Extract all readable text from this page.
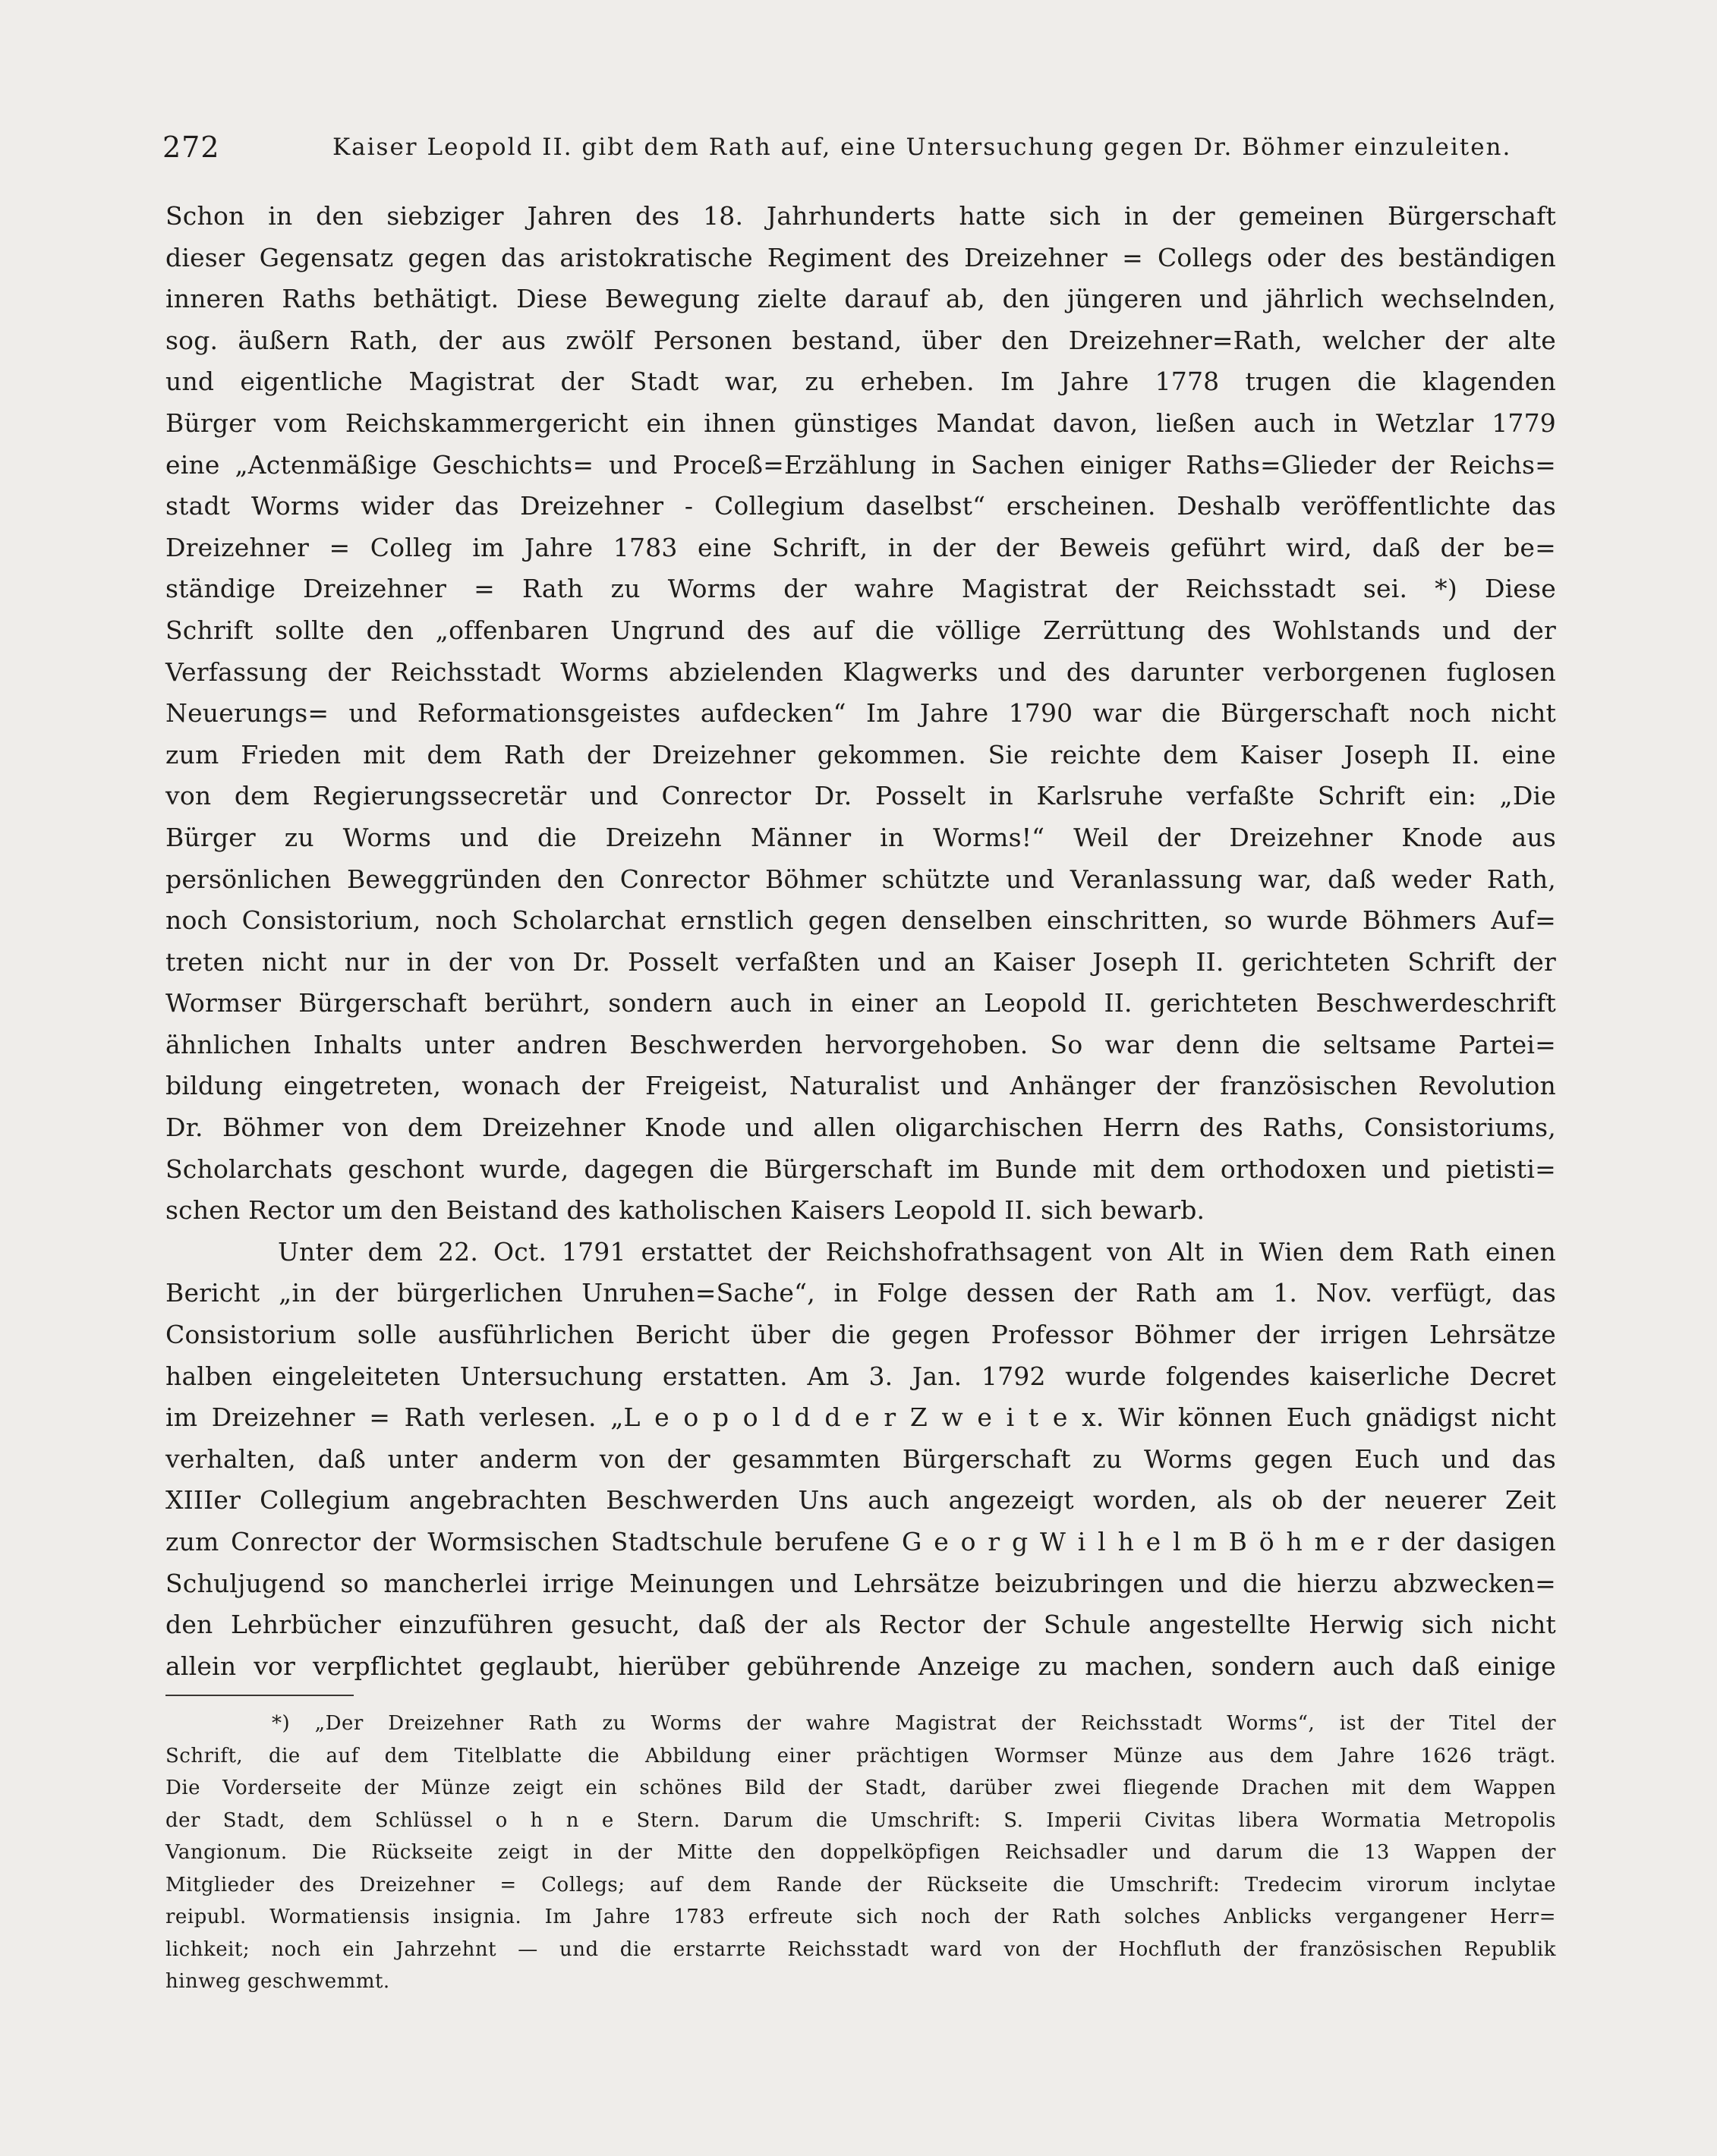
272	Kaiser Leopold II. gibt dem Rath auf, eine Untersuchung gegen Dr. Böhmer einzuleiten.
Schon in den siebziger Jahren des 18. Jahrhunderts hatte sich in der gemeinen Bürgerschaft
dieser Gegensatz gegen das aristokratische Regiment des Dreizehner = Collegs oder des beständigen
inneren Raths bethätigt. Diese Bewegung zielte darauf ab, den jüngeren und jährlich wechselnden,
sog. äußern Rath, der aus zwölf Personen bestand, über den Dreizehner=Rath, welcher der alte
und eigentliche Magistrat der Stadt war, zu erheben. Im Jahre 1778 trugen die klagenden
Bürger vom Reichskammergericht ein ihnen günstiges Mandat davon, ließen auch in Wetzlar 1779
eine „Actenmäßige Geschichts= und Proceß=Erzählung in Sachen einiger Raths=Glieder der Reichs=
stadt Worms wider das Dreizehner - Collegium daselbst“ erscheinen. Deshalb veröffentlichte das
Dreizehner = Colleg im Jahre 1783 eine Schrift, in der der Beweis geführt wird, daß der be=
ständige Dreizehner = Rath zu Worms der wahre Magistrat der Reichsstadt sei. *) Diese
Schrift sollte den „offenbaren Ungrund des auf die völlige Zerrüttung des Wohlstands und der
Verfassung der Reichsstadt Worms abzielenden Klagwerks und des darunter verborgenen fuglosen
Neuerungs= und Reformationsgeistes aufdecken“ Im Jahre 1790 war die Bürgerschaft noch nicht
zum Frieden mit dem Rath der Dreizehner gekommen. Sie reichte dem Kaiser Joseph II. eine
von dem Regierungssecretär und Conrector Dr. Posselt in Karlsruhe verfaßte Schrift ein: „Die
Bürger zu Worms und die Dreizehn Männer in Worms!“ Weil der Dreizehner Knode aus
persönlichen Beweggründen den Conrector Böhmer schützte und Veranlassung war, daß weder Rath,
noch Consistorium, noch Scholarchat ernstlich gegen denselben einschritten, so wurde Böhmers Auf=
treten nicht nur in der von Dr. Posselt verfaßten und an Kaiser Joseph II. gerichteten Schrift der
Wormser Bürgerschaft berührt, sondern auch in einer an Leopold II. gerichteten Beschwerdeschrift
ähnlichen Inhalts unter andren Beschwerden hervorgehoben. So war denn die seltsame Partei=
bildung eingetreten, wonach der Freigeist, Naturalist und Anhänger der französischen Revolution
Dr. Böhmer von dem Dreizehner Knode und allen oligarchischen Herrn des Raths, Consistoriums,
Scholarchats geschont wurde, dagegen die Bürgerschaft im Bunde mit dem orthodoxen und pietisti=
schen Rector um den Beistand des katholischen Kaisers Leopold II. sich bewarb.
Unter dem 22. Oct. 1791 erstattet der Reichshofrathsagent von Alt in Wien dem Rath einen
Bericht „in der bürgerlichen Unruhen=Sache“, in Folge dessen der Rath am 1. Nov. verfügt, das
Consistorium solle ausführlichen Bericht über die gegen Professor Böhmer der irrigen Lehrsätze
halben eingeleiteten Untersuchung erstatten. Am 3. Jan. 1792 wurde folgendes kaiserliche Decret
im Dreizehner = Rath verlesen. „L e o p o l d d e r Z w e i t e x. Wir können Euch gnädigst nicht
verhalten, daß unter anderm von der gesammten Bürgerschaft zu Worms gegen Euch und das
XIIIer Collegium angebrachten Beschwerden Uns auch angezeigt worden, als ob der neuerer Zeit
zum Conrector der Wormsischen Stadtschule berufene G e o r g W i l h e l m B ö h m e r der dasigen
Schuljugend so mancherlei irrige Meinungen und Lehrsätze beizubringen und die hierzu abzwecken=
den Lehrbücher einzuführen gesucht, daß der als Rector der Schule angestellte Herwig sich nicht
allein vor verpflichtet geglaubt, hierüber gebührende Anzeige zu machen, sondern auch daß einige
*) „Der Dreizehner Rath zu Worms der wahre Magistrat der Reichsstadt Worms“, ist der Titel der
Schrift, die auf dem Titelblatte die Abbildung einer prächtigen Wormser Münze aus dem Jahre 1626 trägt.
Die Vorderseite der Münze zeigt ein schönes Bild der Stadt, darüber zwei fliegende Drachen mit dem Wappen
der Stadt, dem Schlüssel o h n e Stern. Darum die Umschrift: S. Imperii Civitas libera Wormatia Metropolis
Vangionum. Die Rückseite zeigt in der Mitte den doppelköpfigen Reichsadler und darum die 13 Wappen der
Mitglieder des Dreizehner = Collegs; auf dem Rande der Rückseite die Umschrift: Tredecim virorum inclytae
reipubl. Wormatiensis insignia. Im Jahre 1783 erfreute sich noch der Rath solches Anblicks vergangener Herr=
lichkeit; noch ein Jahrzehnt — und die erstarrte Reichsstadt ward von der Hochfluth der französischen Republik
hinweg geschwemmt.
